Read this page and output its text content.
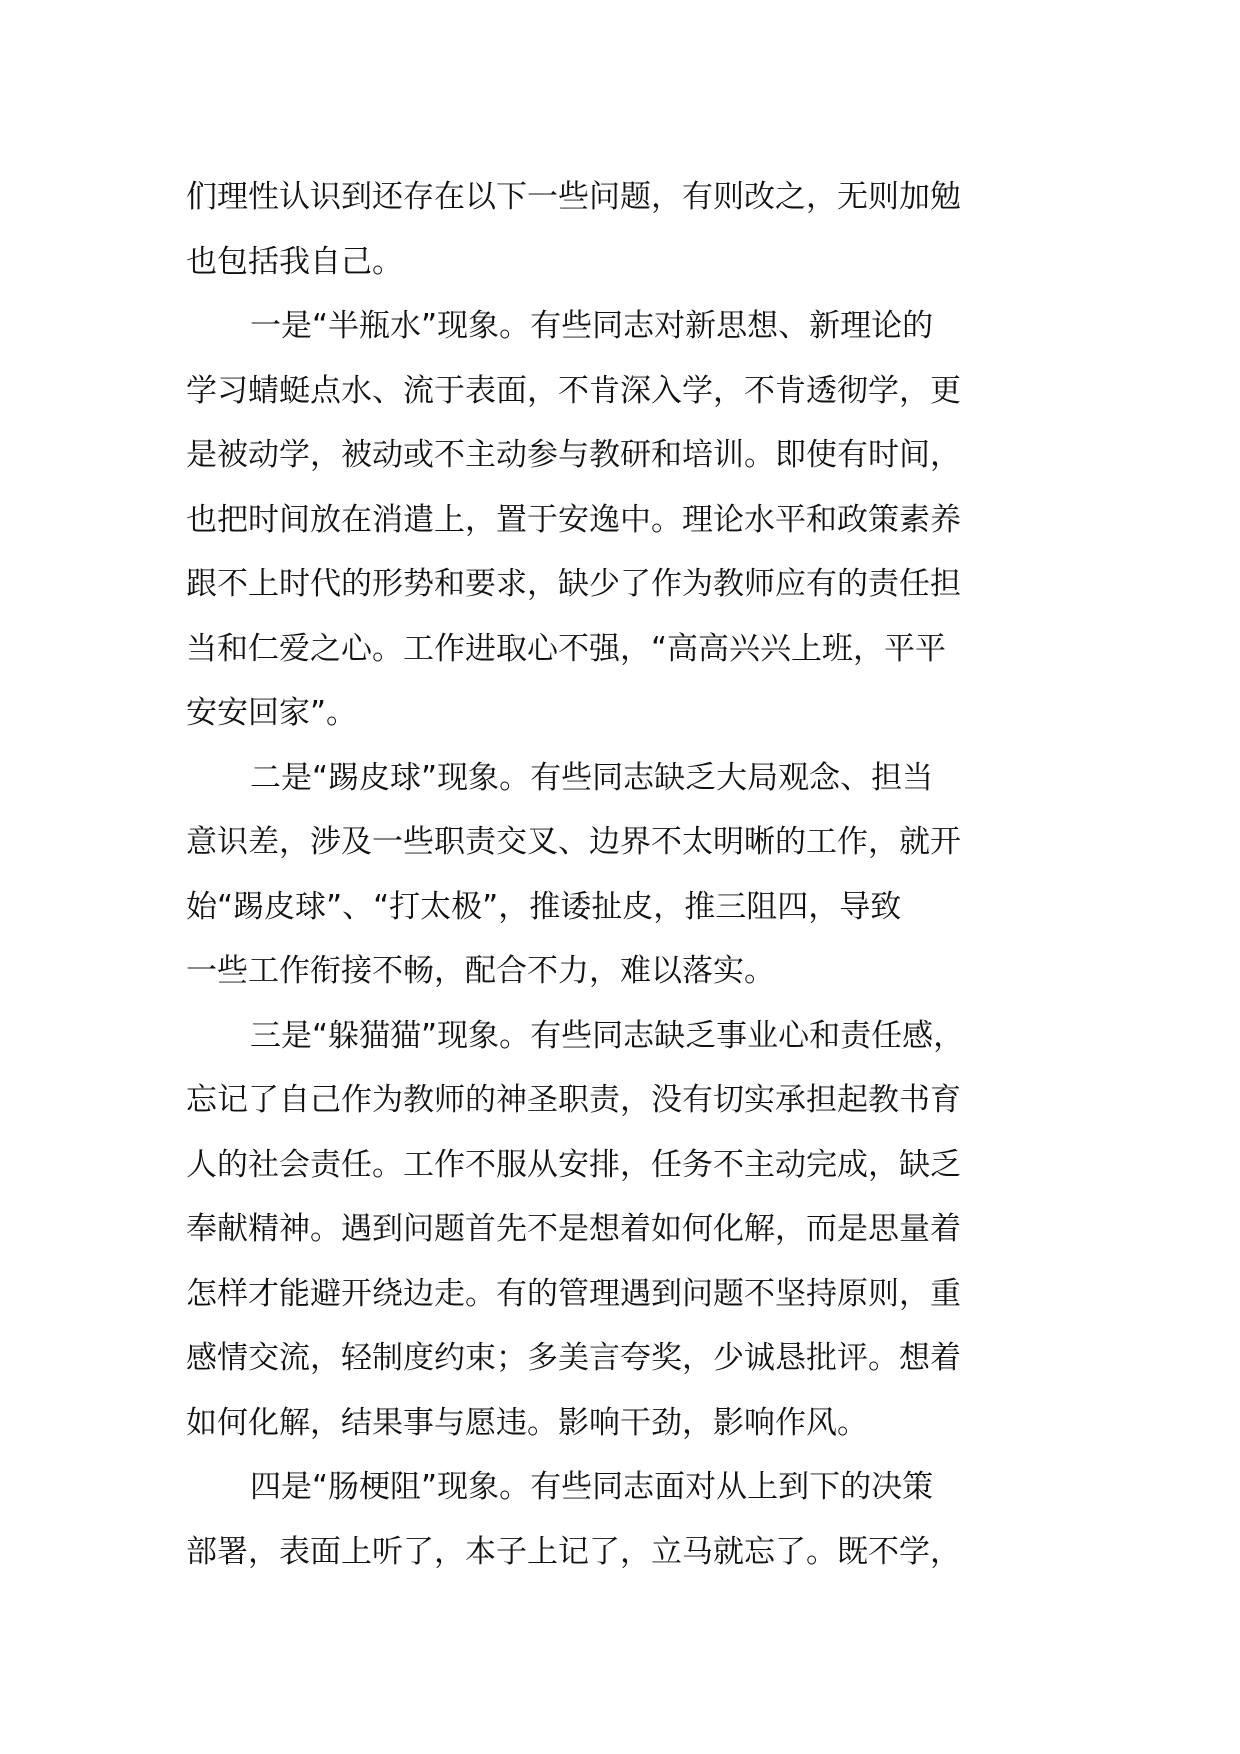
们理性认识到还存在以下一些问题，有则改之，无则加勉
也包括我自己。
一是“半瓶水”现象。有些同志对新思想、新理论的
学习蜻蜓点水、流于表面，不肯深入学，不肯透彻学，更
是被动学，被动或不主动参与教研和培训。即使有时间，
也把时间放在消遣上，置于安逸中。理论水平和政策素养
跟不上时代的形势和要求，缺少了作为教师应有的责任担
当和仁爱之心。工作进取心不强，“高高兴兴上班，平平
安安回家”。
二是“踢皮球”现象。有些同志缺乏大局观念、担当
意识差，涉及一些职责交叉、边界不太明晰的工作，就开
始“踢皮球”、“打太极”，推诿扯皮，推三阻四，导致
一些工作衔接不畅，配合不力，难以落实。
三是“躲猫猫”现象。有些同志缺乏事业心和责任感，
忘记了自己作为教师的神圣职责，没有切实承担起教书育
人的社会责任。工作不服从安排，任务不主动完成，缺乏
奉献精神。遇到问题首先不是想着如何化解，而是思量着
怎样才能避开绕边走。有的管理遇到问题不坚持原则，重
感情交流，轻制度约束；多美言夸奖，少诚恳批评。想着
如何化解，结果事与愿违。影响干劲，影响作风。
四是“肠梗阻”现象。有些同志面对从上到下的决策
部署，表面上听了，本子上记了，立马就忘了。既不学，
